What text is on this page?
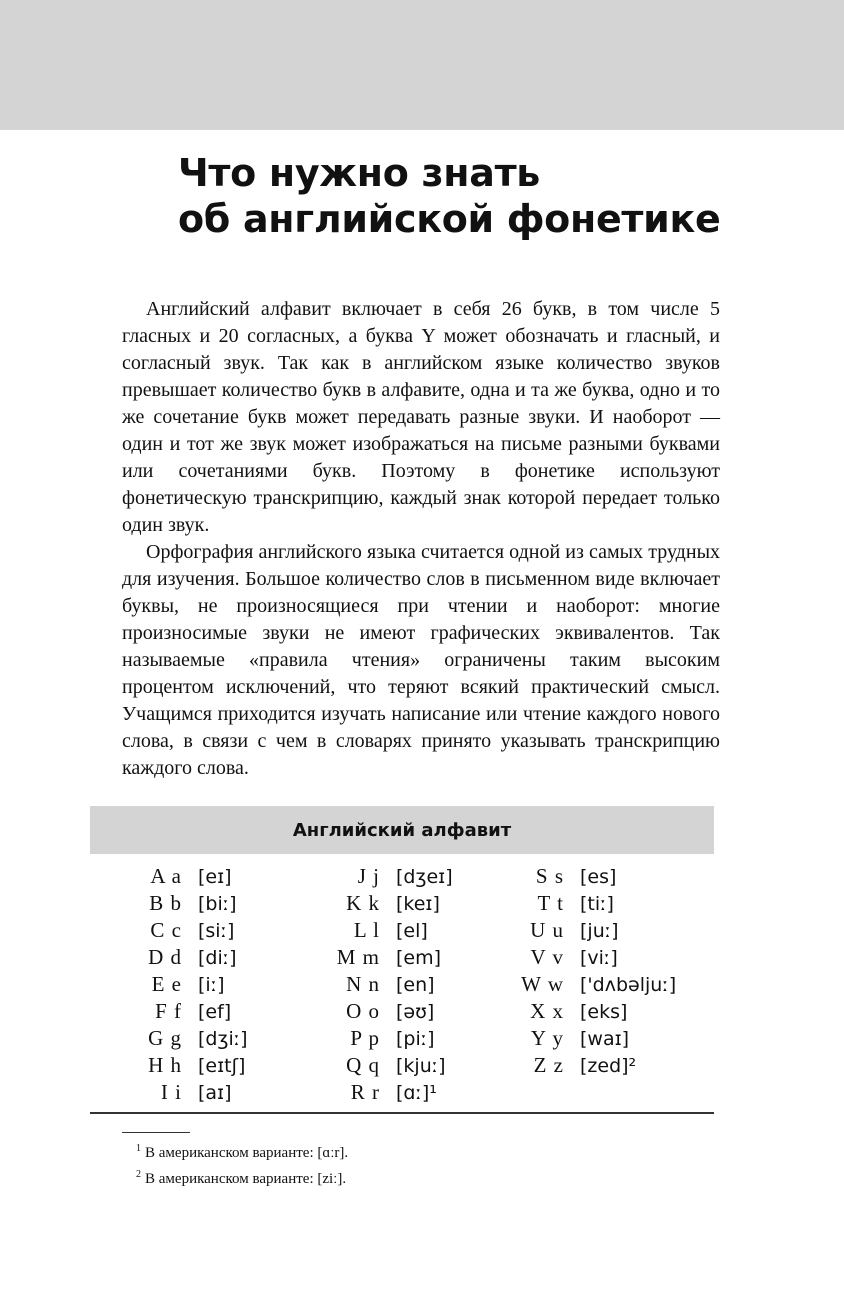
Что нужно знать
об английской фонетике

Английский алфавит включает в себя 26 букв, в том числе 5 гласных и 20 согласных, а буква Y может обозначать и гласный, и согласный звук. Так как в английском языке количество звуков превышает количество букв в алфавите, одна и та же буква, одно и то же сочетание букв может передавать разные звуки. И наоборот — один и тот же звук может изображаться на письме разными буквами или сочетаниями букв. Поэтому в фонетике используют фонетическую транскрипцию, каждый знак которой передает только один звук.

Орфография английского языка считается одной из самых трудных для изучения. Большое количество слов в письменном виде включает буквы, не произносящиеся при чтении и наоборот: многие произносимые звуки не имеют графических эквивалентов. Так называемые «правила чтения» ограничены таким высоким процентом исключений, что теряют всякий практический смысл. Учащимся приходится изучать написание или чтение каждого нового слова, в связи с чем в словарях принято указывать транскрипцию каждого слова.

Английский алфавит
A a [eɪ]
B b [biː]
C c [siː]
D d [diː]
E e [iː]
F f [ef]
G g [dʒiː]
H h [eɪtʃ]
I i [aɪ]
J j [dʒeɪ]
K k [keɪ]
L l [el]
M m [em]
N n [en]
O o [əʊ]
P p [piː]
Q q [kjuː]
R r [ɑː]¹
S s [es]
T t [tiː]
U u [juː]
V v [viː]
W w ['dʌbəljuː]
X x [eks]
Y y [waɪ]
Z z [zed]²
$^1$ В американском варианте: [ɑːr].
$^2$ В американском варианте: [ziː].
